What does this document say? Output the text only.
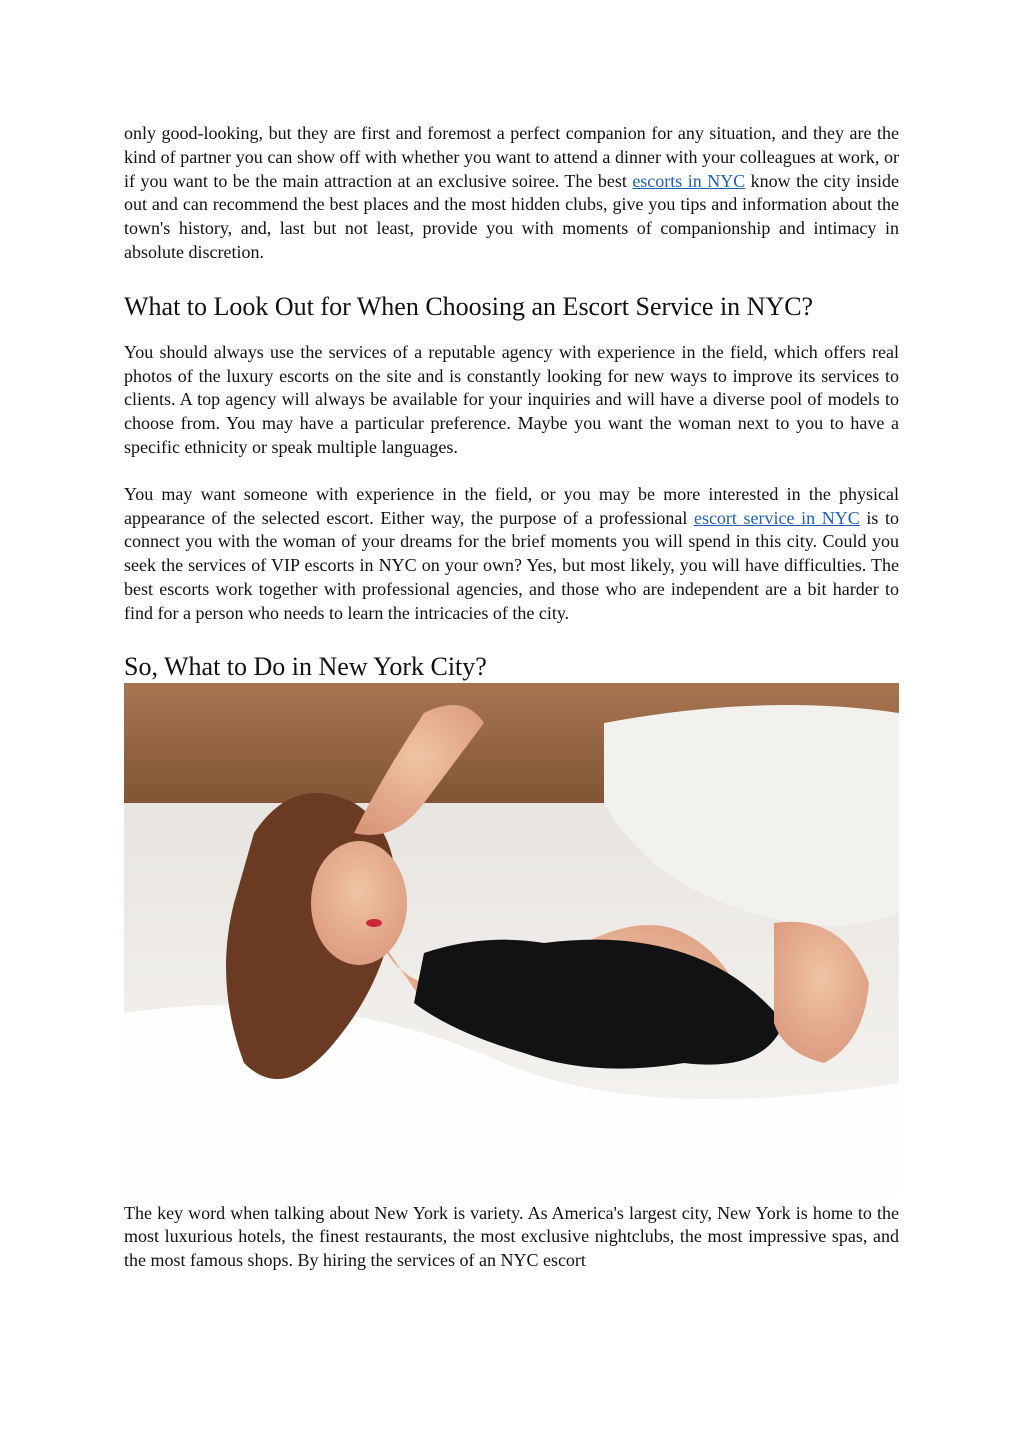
only good-looking, but they are first and foremost a perfect companion for any situation, and they are the kind of partner you can show off with whether you want to attend a dinner with your colleagues at work, or if you want to be the main attraction at an exclusive soiree. The best escorts in NYC know the city inside out and can recommend the best places and the most hidden clubs, give you tips and information about the town's history, and, last but not least, provide you with moments of companionship and intimacy in absolute discretion.

What to Look Out for When Choosing an Escort Service in NYC?

You should always use the services of a reputable agency with experience in the field, which offers real photos of the luxury escorts on the site and is constantly looking for new ways to improve its services to clients. A top agency will always be available for your inquiries and will have a diverse pool of models to choose from. You may have a particular preference. Maybe you want the woman next to you to have a specific ethnicity or speak multiple languages.

You may want someone with experience in the field, or you may be more interested in the physical appearance of the selected escort. Either way, the purpose of a professional escort service in NYC is to connect you with the woman of your dreams for the brief moments you will spend in this city. Could you seek the services of VIP escorts in NYC on your own? Yes, but most likely, you will have difficulties. The best escorts work together with professional agencies, and those who are independent are a bit harder to find for a person who needs to learn the intricacies of the city.

So, What to Do in New York City?

The key word when talking about New York is variety. As America's largest city, New York is home to the most luxurious hotels, the finest restaurants, the most exclusive nightclubs, the most impressive spas, and the most famous shops. By hiring the services of an NYC escort
